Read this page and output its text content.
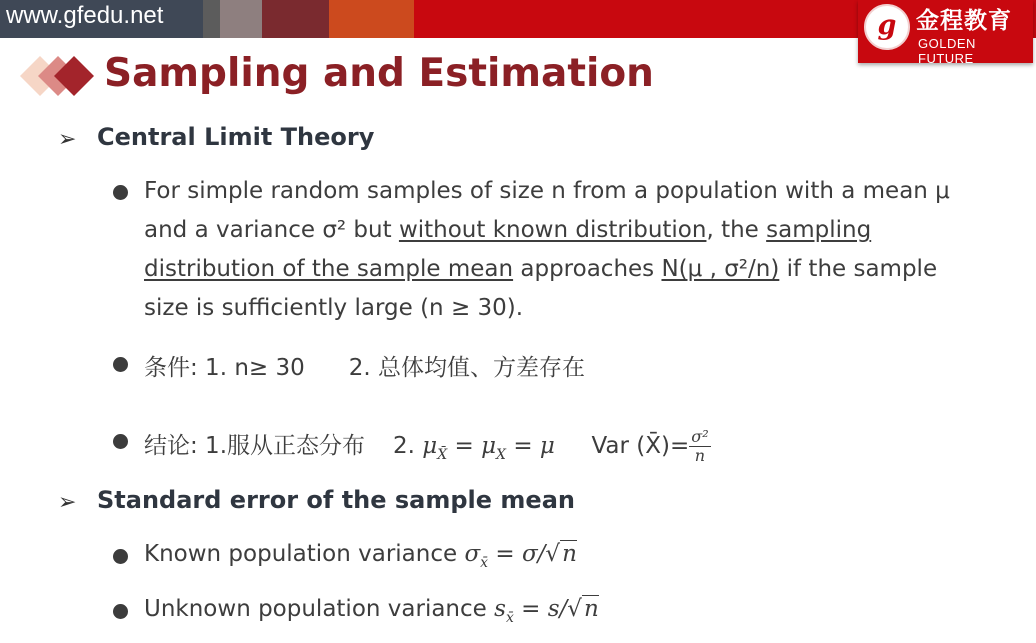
www.gfedu.net	g 金程教育
GOLDEN FUTURE
Sampling and Estimation
➢ Central Limit Theory
For simple random samples of size n from a population with a mean μ
and a variance σ² but without known distribution, the sampling
distribution of the sample mean approaches N(μ , σ²/n) if the sample
size is sufficiently large (n ≥ 30).
条件: 1. n≥ 30 2. 总体均值、方差存在
结论: 1.服从正态分布 2. $\mu_{X̄} = \mu_X = \mu$ Var (X̄)= $\frac{\text{σ²}}{n}$
➢ Standard error of the sample mean
Known population variance $\sigma_{x̄} = \sigma/√n$
Unknown population variance $s_{x̄} = s/√n$
